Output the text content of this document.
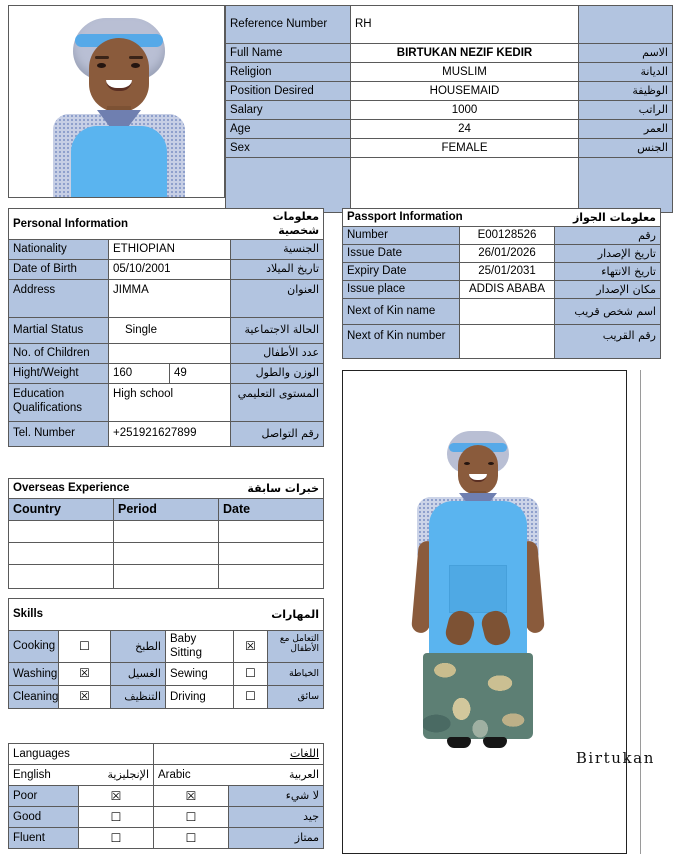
Reference Number	RH	
Full Name	BIRTUKAN NEZIF KEDIR	الاسم
Religion	MUSLIM	الديانة
Position Desired	HOUSEMAID	الوظيفة
Salary	1000	الراتب
Age	24	العمر
Sex	FEMALE	الجنس

Personal Information			معلومات شخصية
Nationality	ETHIOPIAN		الجنسية
Date of Birth	05/10/2001		تاريخ الميلاد
Address	JIMMA		العنوان
Martial Status	Single		الحالة الاجتماعية
No. of Children			عدد الأطفال
Hight/Weight	160	49	الوزن والطول
Education Qualifications	High school		المستوى التعليمي
Tel. Number	+251921627899		رقم التواصل
Passport Information		معلومات الجواز
Number	E00128526	رقم
Issue Date	26/01/2026	تاريخ الإصدار
Expiry Date	25/01/2031	تاريخ الانتهاء
Issue place	ADDIS ABABA	مكان الإصدار
Next of Kin name		اسم شخص قريب
Next of Kin number		رقم القريب
Overseas Experience		خبرات سابقة
Country	Period	Date

Skills					المهارات
Cooking	☐	الطبخ	Baby Sitting	☒	التعامل مع الأطفال
Washing	☒	الغسيل	Sewing	☐	الخياطة
Cleaning	☒	التنظيف	Driving	☐	سائق
Languages			اللغات
English	الإنجليزية	Arabic	العربية
Poor	☒	☒	لا شيء
Good	☐	☐	جيد
Fluent	☐	☐	ممتاز
Birtukan
